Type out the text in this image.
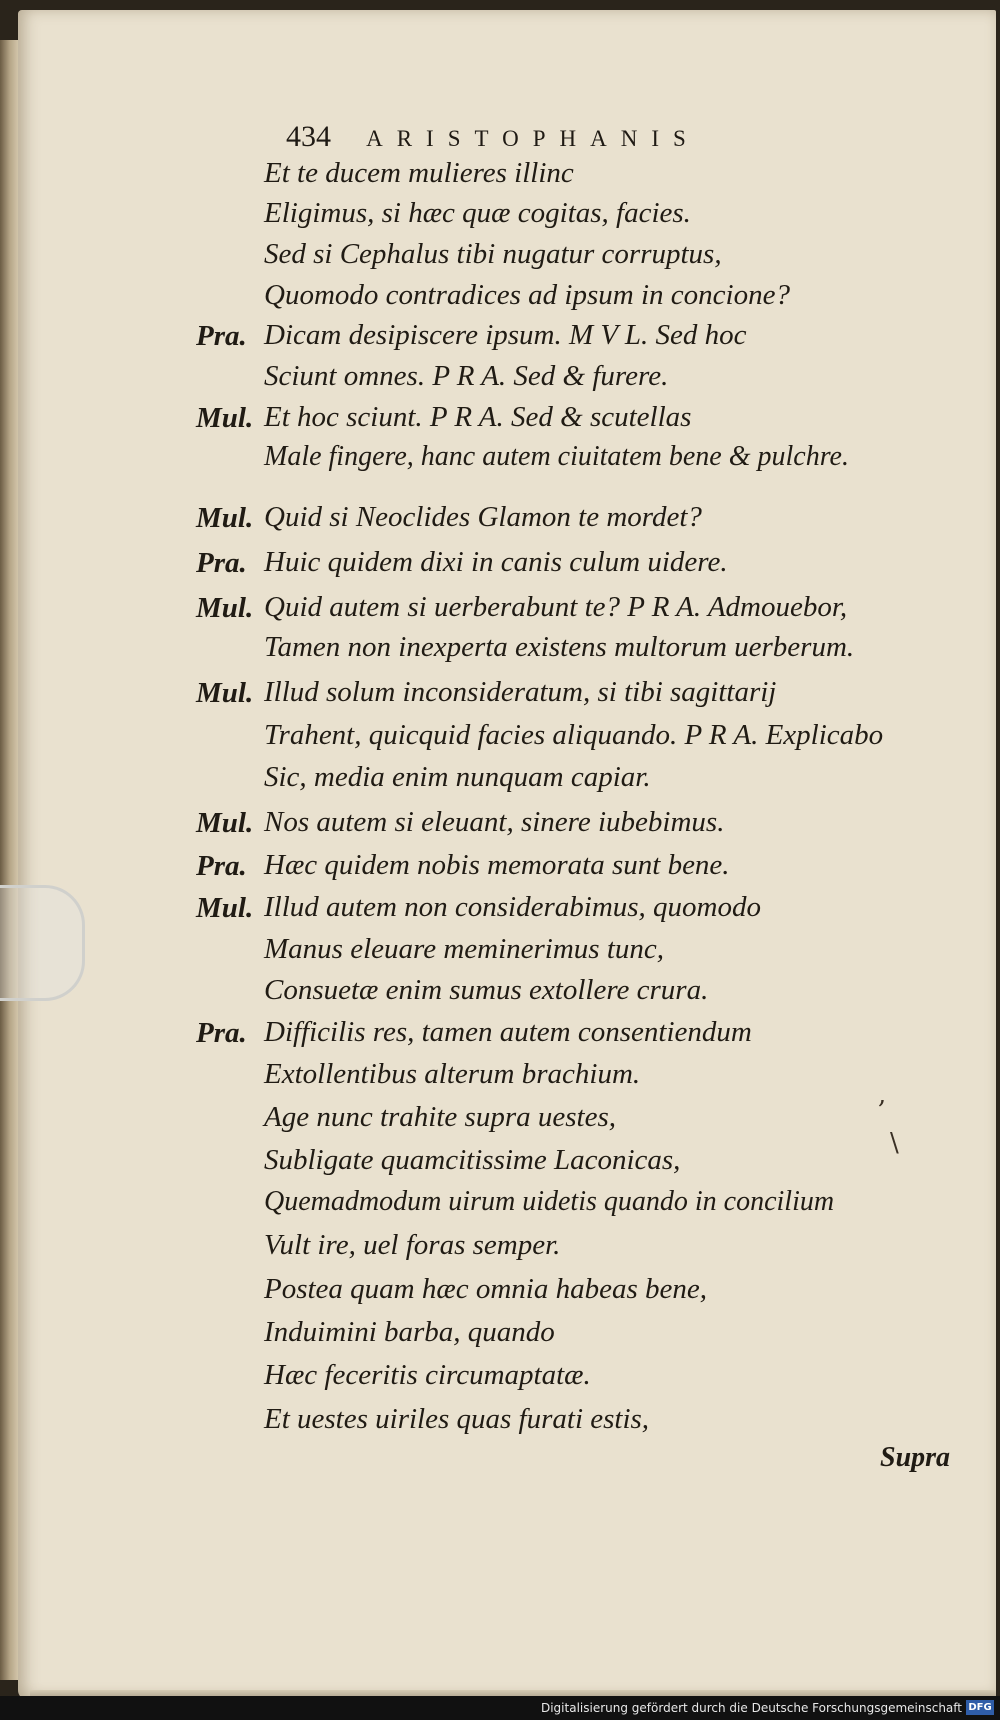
434 ARISTOPHANIS
Et te ducem mulieres illinc
Eligimus, si hæc quæ cogitas, facies.
Sed si Cephalus tibi nugatur corruptus,
Quomodo contradices ad ipsum in concione?
Dicam desipiscere ipsum. M V L. Sed hoc
Sciunt omnes. P R A. Sed & furere.
Et hoc sciunt. P R A. Sed & scutellas
Male fingere, hanc autem ciuitatem bene & pulchre.
Quid si Neoclides Glamon te mordet?
Huic quidem dixi in canis culum uidere.
Quid autem si uerberabunt te? P R A. Admouebor,
Tamen non inexperta existens multorum uerberum.
Illud solum inconsideratum, si tibi sagittarij
Trahent, quicquid facies aliquando. P R A. Explicabo
Sic, media enim nunquam capiar.
Nos autem si eleuant, sinere iubebimus.
Hæc quidem nobis memorata sunt bene.
Illud autem non considerabimus, quomodo
Manus eleuare meminerimus tunc,
Consuetæ enim sumus extollere crura.
Difficilis res, tamen autem consentiendum
Extollentibus alterum brachium.
Age nunc trahite supra uestes,
Subligate quamcitissime Laconicas,
Quemadmodum uirum uidetis quando in concilium
Vult ire, uel foras semper.
Postea quam hæc omnia habeas bene,
Induimini barba, quando
Hæc feceritis circumaptatæ.
Et uestes uiriles quas furati estis,
Pra.
Mul.
Mul.
Pra.
Mul.
Mul.
Mul.
Pra.
Mul.
Pra.
,
\
Supra
Digitalisierung gefördert durch die Deutsche Forschungsgemeinschaft DFG
